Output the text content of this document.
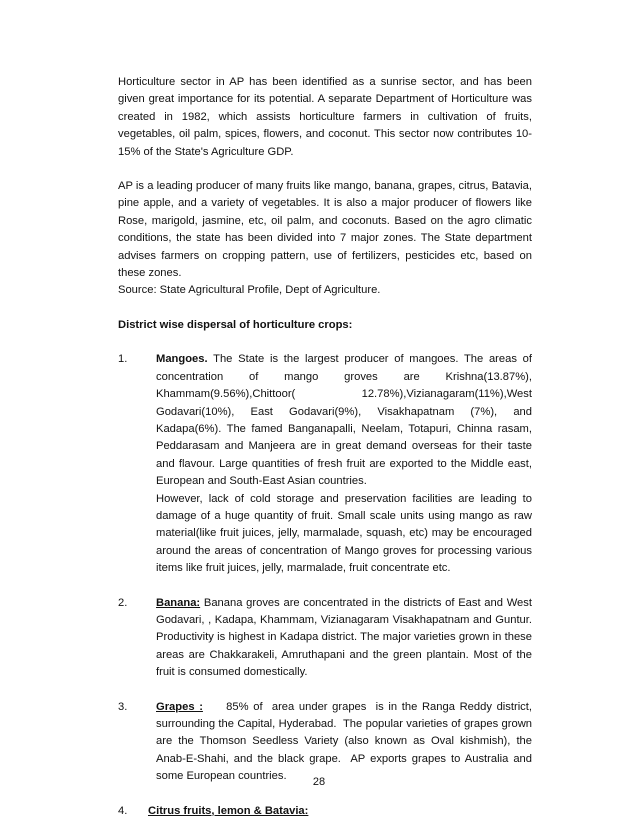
Horticulture sector in AP has been identified as a sunrise sector, and has been given great importance for its potential. A separate Department of Horticulture was created in 1982, which assists horticulture farmers in cultivation of fruits, vegetables, oil palm, spices, flowers, and coconut. This sector now contributes 10-15% of the State's Agriculture GDP.

AP is a leading producer of many fruits like mango, banana, grapes, citrus, Batavia, pine apple, and a variety of vegetables. It is also a major producer of flowers like Rose, marigold, jasmine, etc, oil palm, and coconuts. Based on the agro climatic conditions, the state has been divided into 7 major zones. The State department advises farmers on cropping pattern, use of fertilizers, pesticides etc, based on these zones.

Source: State Agricultural Profile, Dept of Agriculture.

District wise dispersal of horticulture crops:

1.	Mangoes. The State is the largest producer of mangoes. The areas of concentration of mango groves are Krishna(13.87%), Khammam(9.56%),Chittoor( 12.78%),Vizianagaram(11%),West Godavari(10%), East Godavari(9%), Visakhapatnam (7%), and Kadapa(6%). The famed Banganapalli, Neelam, Totapuri, Chinna rasam, Peddarasam and Manjeera are in great demand overseas for their taste and flavour. Large quantities of fresh fruit are exported to the Middle east, European and South-East Asian countries.

However, lack of cold storage and preservation facilities are leading to damage of a huge quantity of fruit. Small scale units using mango as raw material(like fruit juices, jelly, marmalade, squash, etc) may be encouraged around the areas of concentration of Mango groves for processing various items like fruit juices, jelly, marmalade, fruit concentrate etc.

2.	Banana: Banana groves are concentrated in the districts of East and West Godavari, , Kadapa, Khammam, Vizianagaram Visakhapatnam and Guntur. Productivity is highest in Kadapa district. The major varieties grown in these areas are Chakkarakeli, Amruthapani and the green plantain. Most of the fruit is consumed domestically.

3.	Grapes :     85% of  area under grapes  is in the Ranga Reddy district, surrounding the Capital, Hyderabad.  The popular varieties of grapes grown are the Thomson Seedless Variety (also known as Oval kishmish), the Anab-E-Shahi, and the black grape.  AP exports grapes to Australia and some European countries.

4.	Citrus fruits, lemon & Batavia:
28
